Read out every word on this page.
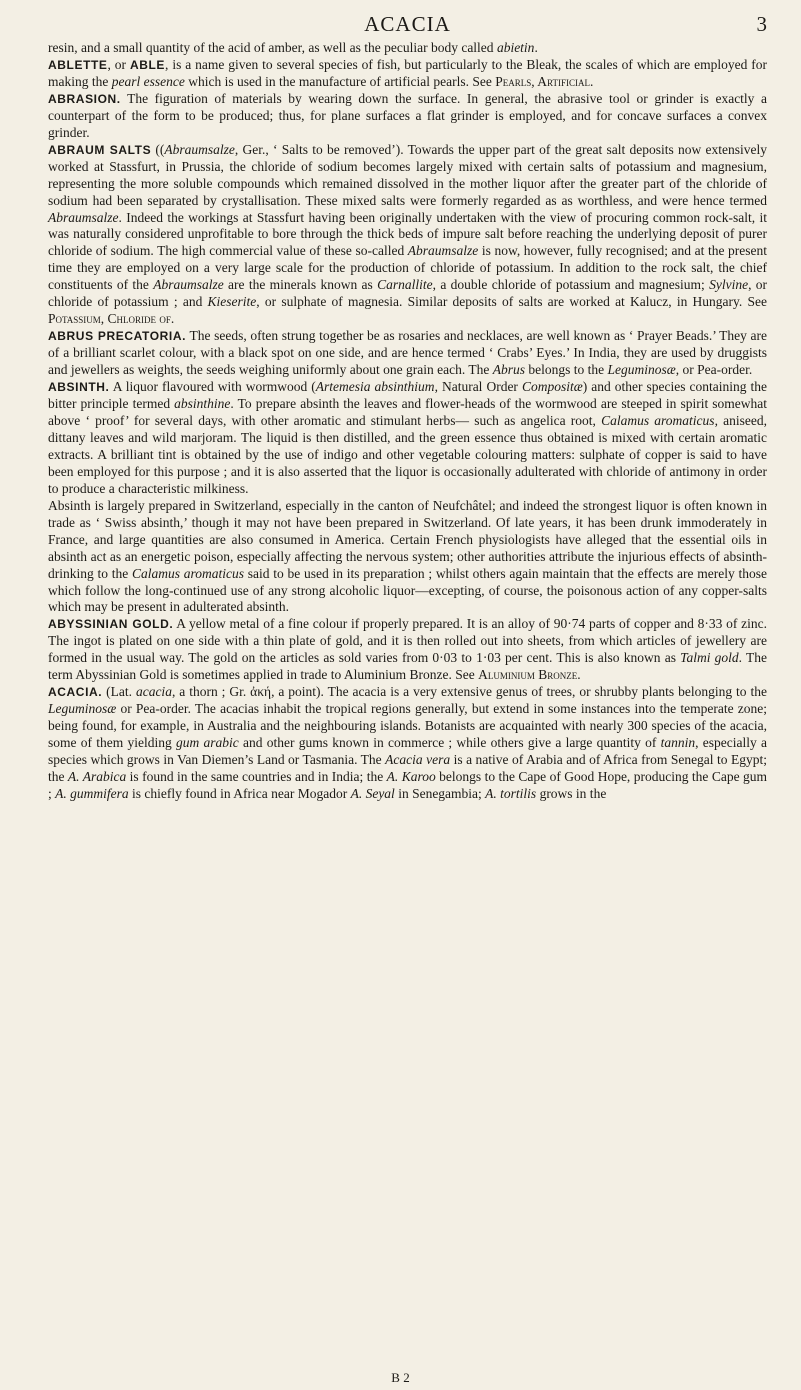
ACACIA	3

resin, and a small quantity of the acid of amber, as well as the peculiar body called abietin.

ABLETTE, or ABLE, is a name given to several species of fish, but particularly to the Bleak, the scales of which are employed for making the pearl essence which is used in the manufacture of artificial pearls. See Pearls, Artificial.

ABRASION. The figuration of materials by wearing down the surface. In general, the abrasive tool or grinder is exactly a counterpart of the form to be produced; thus, for plane surfaces a flat grinder is employed, and for concave surfaces a convex grinder.

ABRAUM SALTS ((Abraumsalze, Ger., ‘ Salts to be removed’). Towards the upper part of the great salt deposits now extensively worked at Stassfurt, in Prussia, the chloride of sodium becomes largely mixed with certain salts of potassium and magnesium, representing the more soluble compounds which remained dissolved in the mother liquor after the greater part of the chloride of sodium had been separated by crystallisation. These mixed salts were formerly regarded as as worthless, and were hence termed Abraumsalze. Indeed the workings at Stassfurt having been originally undertaken with the view of procuring common rock-salt, it was naturally considered unprofitable to bore through the thick beds of impure salt before reaching the underlying deposit of purer chloride of sodium. The high commercial value of these so-called Abraumsalze is now, however, fully recognised; and at the present time they are employed on a very large scale for the production of chloride of potassium. In addition to the rock salt, the chief constituents of the Abraumsalze are the minerals known as Carnallite, a double chloride of potassium and magnesium; Sylvine, or chloride of potassium ; and Kieserite, or sulphate of magnesia. Similar deposits of salts are worked at Kalucz, in Hungary. See Potassium, Chloride of.

ABRUS PRECATORIA. The seeds, often strung together be as rosaries and necklaces, are well known as ‘ Prayer Beads.’ They are of a brilliant scarlet colour, with a black spot on one side, and are hence termed ‘ Crabs’ Eyes.’ In India, they are used by druggists and jewellers as weights, the seeds weighing uniformly about one grain each. The Abrus belongs to the Leguminosæ, or Pea-order.

ABSINTH. A liquor flavoured with wormwood (Artemesia absinthium, Natural Order Compositæ) and other species containing the bitter principle termed absinthine. To prepare absinth the leaves and flower-heads of the wormwood are steeped in spirit somewhat above ‘ proof’ for several days, with other aromatic and stimulant herbs— such as angelica root, Calamus aromaticus, aniseed, dittany leaves and wild marjoram. The liquid is then distilled, and the green essence thus obtained is mixed with certain aromatic extracts. A brilliant tint is obtained by the use of indigo and other vegetable colouring matters: sulphate of copper is said to have been employed for this purpose ; and it is also asserted that the liquor is occasionally adulterated with chloride of antimony in order to produce a characteristic milkiness.

Absinth is largely prepared in Switzerland, especially in the canton of Neufchâtel; and indeed the strongest liquor is often known in trade as ‘ Swiss absinth,’ though it may not have been prepared in Switzerland. Of late years, it has been drunk immoderately in France, and large quantities are also consumed in America. Certain French physiologists have alleged that the essential oils in absinth act as an energetic poison, especially affecting the nervous system; other authorities attribute the injurious effects of absinth-drinking to the Calamus aromaticus said to be used in its preparation ; whilst others again maintain that the effects are merely those which follow the long-continued use of any strong alcoholic liquor—excepting, of course, the poisonous action of any copper-salts which may be present in adulterated absinth.

ABYSSINIAN GOLD. A yellow metal of a fine colour if properly prepared. It is an alloy of 90·74 parts of copper and 8·33 of zinc. The ingot is plated on one side with a thin plate of gold, and it is then rolled out into sheets, from which articles of jewellery are formed in the usual way. The gold on the articles as sold varies from 0·03 to 1·03 per cent. This is also known as Talmi gold. The term Abyssinian Gold is sometimes applied in trade to Aluminium Bronze. See Aluminium Bronze.

ACACIA. (Lat. acacia, a thorn ; Gr. ἀκή, a point). The acacia is a very extensive genus of trees, or shrubby plants belonging to the Leguminosæ or Pea-order. The acacias inhabit the tropical regions generally, but extend in some instances into the temperate zone; being found, for example, in Australia and the neighbouring islands. Botanists are acquainted with nearly 300 species of the acacia, some of them yielding gum arabic and other gums known in commerce ; while others give a large quantity of tannin, especially a species which grows in Van Diemen’s Land or Tasmania. The Acacia vera is a native of Arabia and of Africa from Senegal to Egypt; the A. Arabica is found in the same countries and in India; the A. Karoo belongs to the Cape of Good Hope, producing the Cape gum ; A. gummifera is chiefly found in Africa near Mogador A. Seyal in Senegambia; A. tortilis grows in the

B 2
